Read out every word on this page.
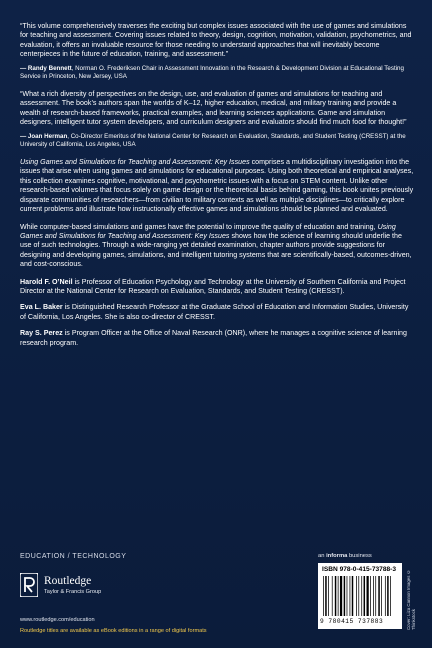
“This volume comprehensively traverses the exciting but complex issues associated with the use of games and simulations for teaching and assessment. Covering issues related to theory, design, cognition, motivation, validation, psychometrics, and evaluation, it offers an invaluable resource for those needing to understand approaches that will inevitably become centerpieces in the future of education, training, and assessment.”

— Randy Bennett, Norman O. Frederiksen Chair in Assessment Innovation in the Research & Development Division at Educational Testing Service in Princeton, New Jersey, USA

“What a rich diversity of perspectives on the design, use, and evaluation of games and simulations for teaching and assessment. The book’s authors span the worlds of K–12, higher education, medical, and military training and provide a wealth of research-based frameworks, practical examples, and learning sciences applications. Game and simulation designers, intelligent tutor system developers, and curriculum designers and evaluators should find much food for thought!”

— Joan Herman, Co-Director Emeritus of the National Center for Research on Evaluation, Standards, and Student Testing (CRESST) at the University of California, Los Angeles, USA

Using Games and Simulations for Teaching and Assessment: Key Issues comprises a multidisciplinary investigation into the issues that arise when using games and simulations for educational purposes. Using both theoretical and empirical analyses, this collection examines cognitive, motivational, and psychometric issues with a focus on STEM content. Unlike other research-based volumes that focus solely on game design or the theoretical basis behind gaming, this book unites previously disparate communities of researchers—from civilian to military contexts as well as multiple disciplines—to critically explore current problems and illustrate how instructionally effective games and simulations should be planned and evaluated.

While computer-based simulations and games have the potential to improve the quality of education and training, Using Games and Simulations for Teaching and Assessment: Key Issues shows how the science of learning should underlie the use of such technologies. Through a wide-ranging yet detailed examination, chapter authors provide suggestions for designing and developing games, simulations, and intelligent tutoring systems that are scientifically-based, outcomes-driven, and cost-conscious.

Harold F. O’Neil is Professor of Education Psychology and Technology at the University of Southern California and Project Director at the National Center for Research on Evaluation, Standards, and Student Testing (CRESST).

Eva L. Baker is Distinguished Research Professor at the Graduate School of Education and Information Studies, University of California, Los Angeles. She is also co-director of CRESST.

Ray S. Perez is Program Officer at the Office of Naval Research (ONR), where he manages a cognitive science of learning research program.

EDUCATION / TECHNOLOGY
Routledge
Taylor & Francis Group
www.routledge.com/education
Routledge titles are available as eBook editions in a range of digital formats
an informa business
ISBN 978-0-415-73788-3
9 780415 737883	Cover: Liza Cannon Images © Thinkstock
